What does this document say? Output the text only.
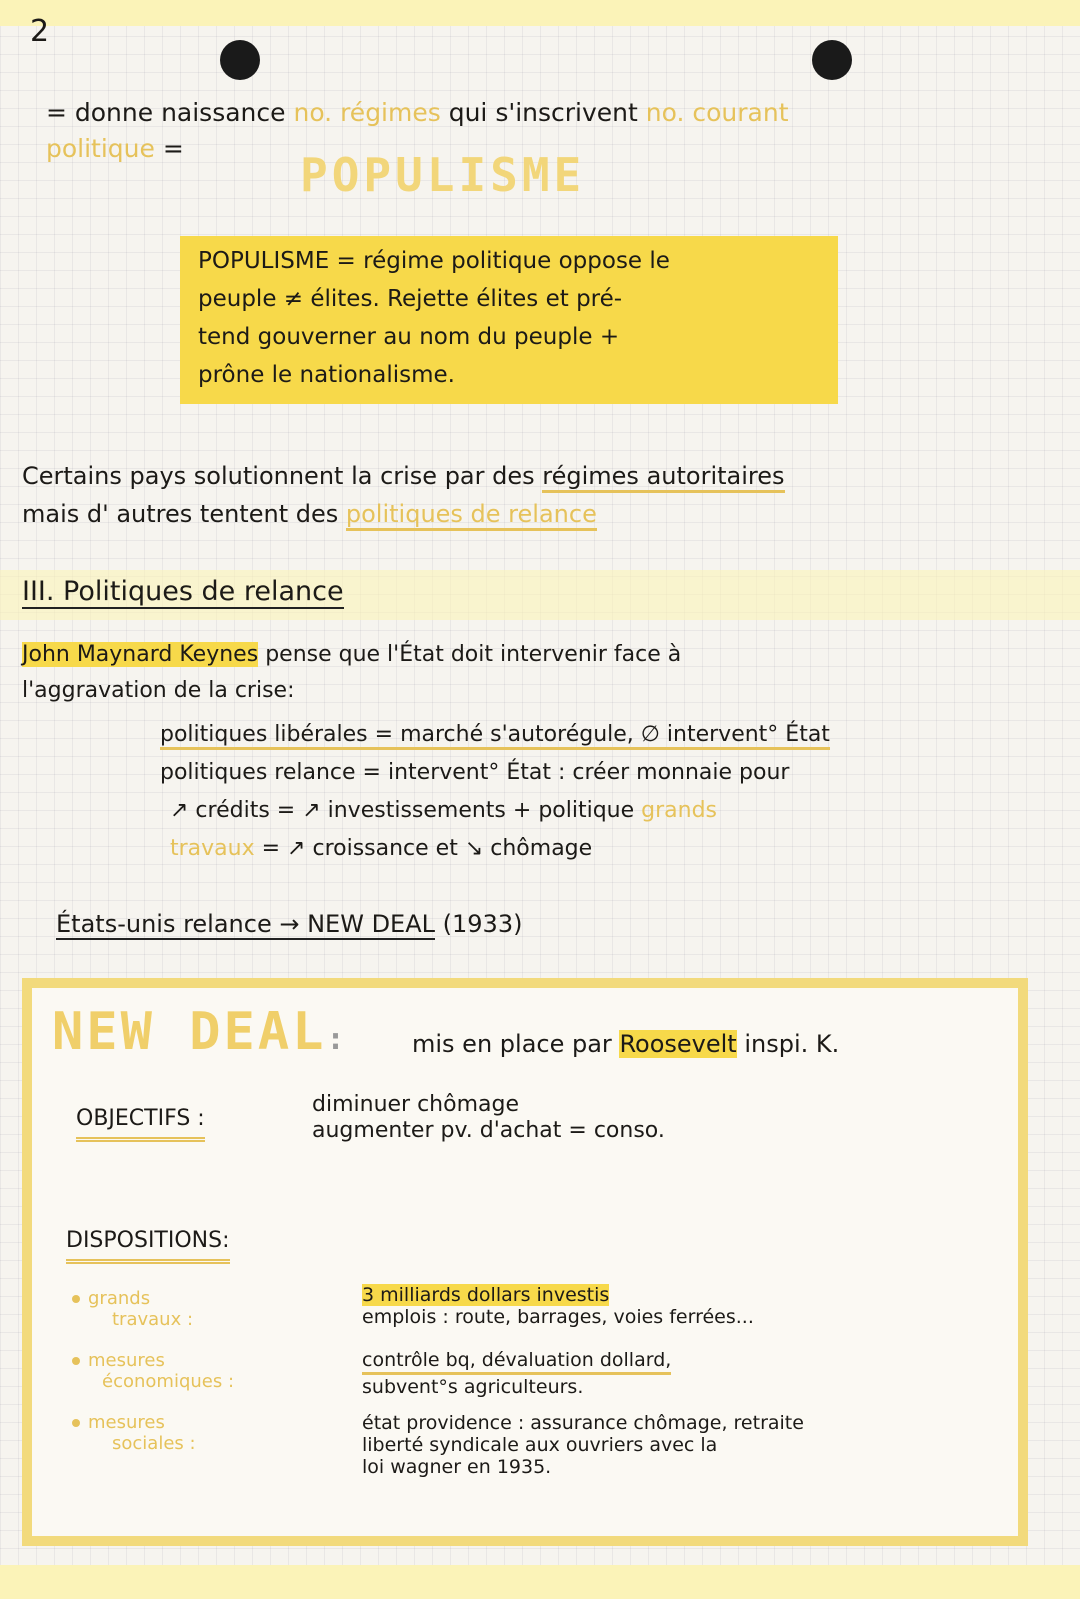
2
= donne naissance no. régimes qui s'inscrivent no. courant
politique =	POPULISME
POPULISME = régime politique oppose le
peuple ≠ élites. Rejette élites et pré-
tend gouverner au nom du peuple +
prône le nationalisme.
Certains pays solutionnent la crise par des régimes autoritaires
mais d' autres tentent des politiques de relance
III. Politiques de relance
John Maynard Keynes pense que l'État doit intervenir face à
l'aggravation de la crise:
politiques libérales = marché s'autorégule, ∅ intervent° État
politiques relance = intervent° État : créer monnaie pour
↗ crédits = ↗ investissements + politique grands
travaux = ↗ croissance et ↘ chômage
États-unis relance → NEW DEAL (1933)
NEW DEAL:	mis en place par Roosevelt inspi. K.
OBJECTIFS :
diminuer chômage
augmenter pv. d'achat = conso.
DISPOSITIONS:
grands
travaux :
3 milliards dollars investis
emplois : route, barrages, voies ferrées...
mesures
économiques :
contrôle bq, dévaluation dollard,
subvent°s agriculteurs.
mesures
sociales :
état providence : assurance chômage, retraite
liberté syndicale aux ouvriers avec la
loi wagner en 1935.
